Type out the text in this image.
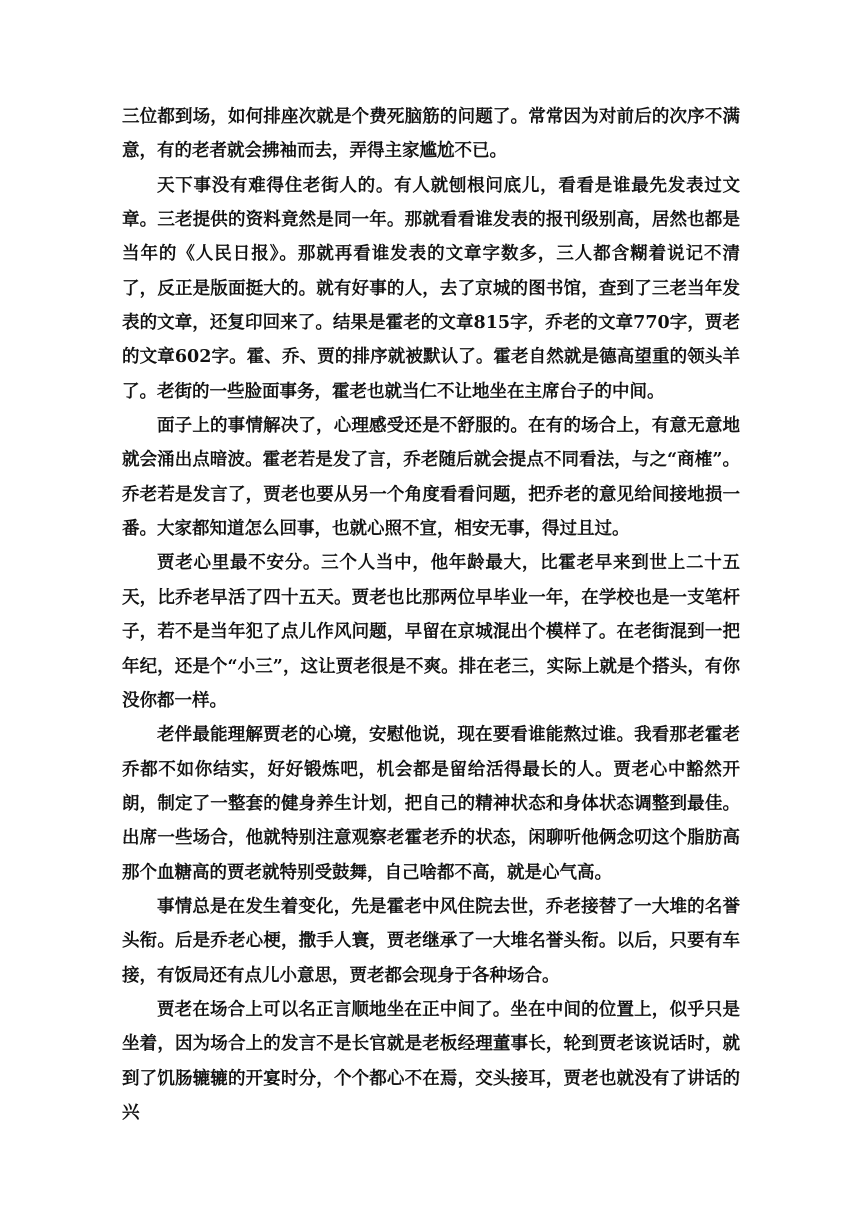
三位都到场，如何排座次就是个费死脑筋的问题了。常常因为对前后的次序不满意，有的老者就会拂袖而去，弄得主家尴尬不已。

天下事没有难得住老街人的。有人就刨根问底儿，看看是谁最先发表过文章。三老提供的资料竟然是同一年。那就看看谁发表的报刊级别高，居然也都是当年的《人民日报》。那就再看谁发表的文章字数多，三人都含糊着说记不清了，反正是版面挺大的。就有好事的人，去了京城的图书馆，查到了三老当年发表的文章，还复印回来了。结果是霍老的文章815字，乔老的文章770字，贾老的文章602字。霍、乔、贾的排序就被默认了。霍老自然就是德高望重的领头羊了。老街的一些脸面事务，霍老也就当仁不让地坐在主席台子的中间。

面子上的事情解决了，心理感受还是不舒服的。在有的场合上，有意无意地就会涌出点暗波。霍老若是发了言，乔老随后就会提点不同看法，与之“商榷”。乔老若是发言了，贾老也要从另一个角度看看问题，把乔老的意见给间接地损一番。大家都知道怎么回事，也就心照不宣，相安无事，得过且过。

贾老心里最不安分。三个人当中，他年龄最大，比霍老早来到世上二十五天，比乔老早活了四十五天。贾老也比那两位早毕业一年，在学校也是一支笔杆子，若不是当年犯了点儿作风问题，早留在京城混出个模样了。在老街混到一把年纪，还是个“小三”，这让贾老很是不爽。排在老三，实际上就是个搭头，有你没你都一样。

老伴最能理解贾老的心境，安慰他说，现在要看谁能熬过谁。我看那老霍老乔都不如你结实，好好锻炼吧，机会都是留给活得最长的人。贾老心中豁然开朗，制定了一整套的健身养生计划，把自己的精神状态和身体状态调整到最佳。出席一些场合，他就特别注意观察老霍老乔的状态，闲聊听他俩念叨这个脂肪高那个血糖高的贾老就特别受鼓舞，自己啥都不高，就是心气高。

事情总是在发生着变化，先是霍老中风住院去世，乔老接替了一大堆的名誉头衔。后是乔老心梗，撒手人寰，贾老继承了一大堆名誉头衔。以后，只要有车接，有饭局还有点儿小意思，贾老都会现身于各种场合。

贾老在场合上可以名正言顺地坐在正中间了。坐在中间的位置上，似乎只是坐着，因为场合上的发言不是长官就是老板经理董事长，轮到贾老该说话时，就到了饥肠辘辘的开宴时分，个个都心不在焉，交头接耳，贾老也就没有了讲话的兴
